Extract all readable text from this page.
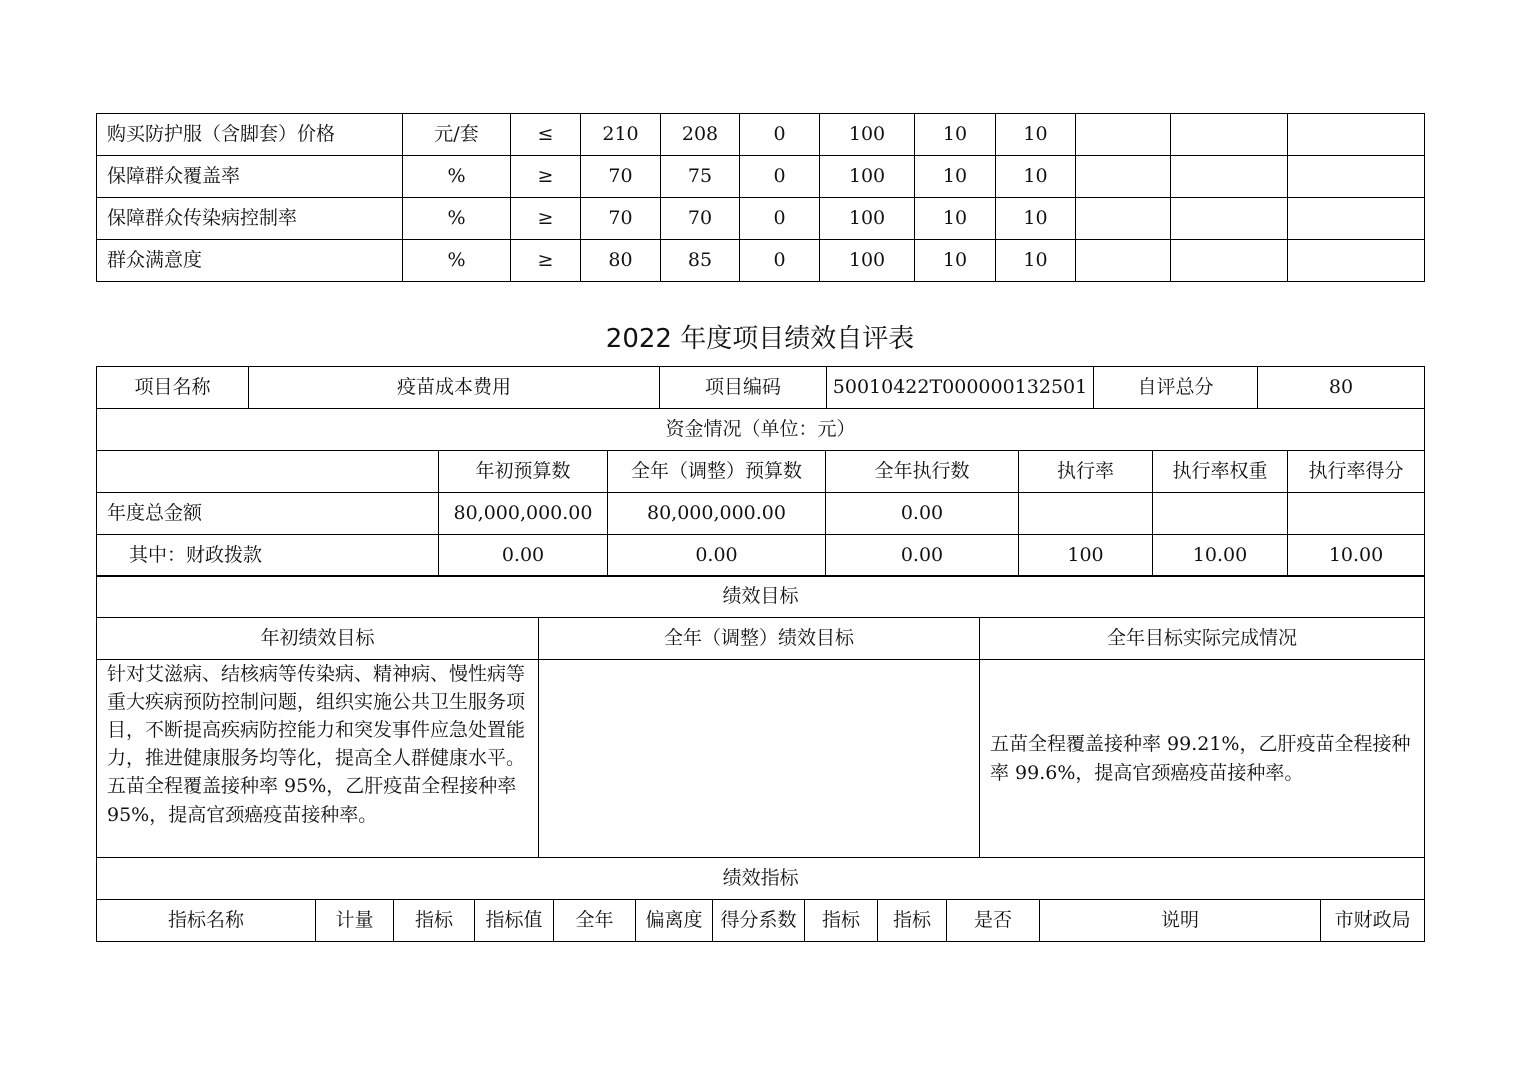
购买防护服（含脚套）价格	元/套	≤	210	208	0	100	10	10			
保障群众覆盖率	%	≥	70	75	0	100	10	10			
保障群众传染病控制率	%	≥	70	70	0	100	10	10			
群众满意度	%	≥	80	85	0	100	10	10			
2022 年度项目绩效自评表
项目名称	疫苗成本费用	项目编码	50010422T000000132501	自评总分	80
资金情况（单位：元）						
	年初预算数	全年（调整）预算数	全年执行数	执行率	执行率权重	执行率得分
年度总金额	80,000,000.00	80,000,000.00	0.00			
其中：财政拨款	0.00	0.00	0.00	100	10.00	10.00
绩效目标		
年初绩效目标	全年（调整）绩效目标	全年目标实际完成情况
针对艾滋病、结核病等传染病、精神病、慢性病等重大疾病预防控制问题，组织实施公共卫生服务项目，不断提高疾病防控能力和突发事件应急处置能力，推进健康服务均等化，提高全人群健康水平。五苗全程覆盖接种率 95%，乙肝疫苗全程接种率 95%，提高官颈癌疫苗接种率。		五苗全程覆盖接种率 99.21%，乙肝疫苗全程接种率 99.6%，提高官颈癌疫苗接种率。
绩效指标
指标名称	计量	指标	指标值	全年	偏离度	得分系数	指标	指标	是否	说明	市财政局
